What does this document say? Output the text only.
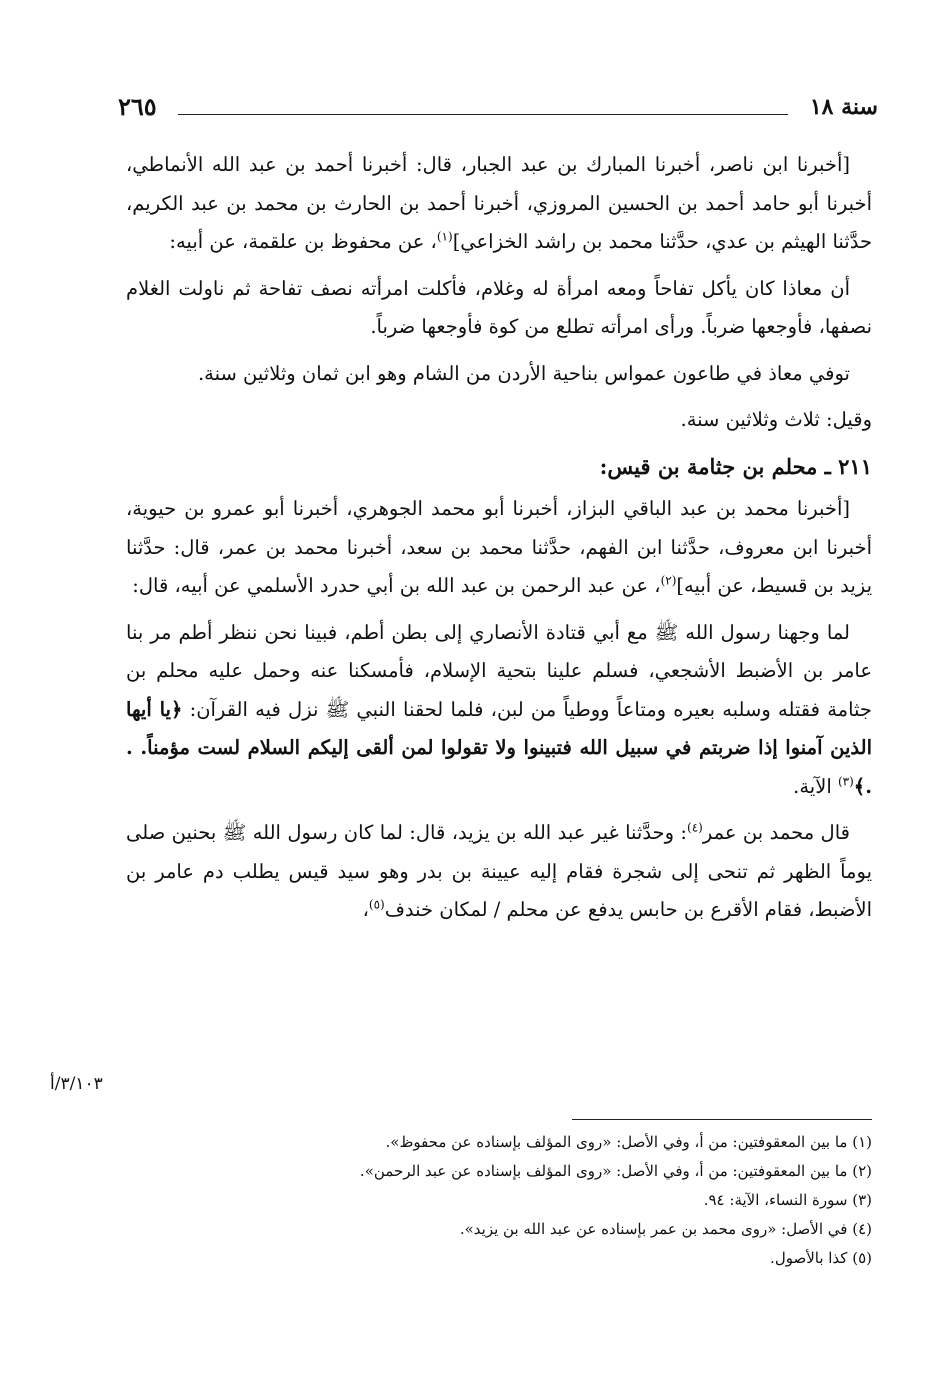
٢٦٥	سنة ١٨

[أخبرنا ابن ناصر، أخبرنا المبارك بن عبد الجبار، قال: أخبرنا أحمد بن عبد الله الأنماطي، أخبرنا أبو حامد أحمد بن الحسين المروزي، أخبرنا أحمد بن الحارث بن محمد بن عبد الكريم، حدَّثنا الهيثم بن عدي، حدَّثنا محمد بن راشد الخزاعي]$^{(١)}$، عن محفوظ بن علقمة، عن أبيه:

أن معاذا كان يأكل تفاحاً ومعه امرأة له وغلام، فأكلت امرأته نصف تفاحة ثم ناولت الغلام نصفها، فأوجعها ضرباً. ورأى امرأته تطلع من كوة فأوجعها ضرباً.

توفي معاذ في طاعون عمواس بناحية الأردن من الشام وهو ابن ثمان وثلاثين سنة.

وقيل: ثلاث وثلاثين سنة.

٢١١ ـ محلم بن جثامة بن قيس:

[أخبرنا محمد بن عبد الباقي البزاز، أخبرنا أبو محمد الجوهري، أخبرنا أبو عمرو بن حيوية، أخبرنا ابن معروف، حدَّثنا ابن الفهم، حدَّثنا محمد بن سعد، أخبرنا محمد بن عمر، قال: حدَّثنا يزيد بن قسيط، عن أبيه]$^{(٢)}$، عن عبد الرحمن بن عبد الله بن أبي حدرد الأسلمي عن أبيه، قال:

لما وجهنا رسول الله ﷺ مع أبي قتادة الأنصاري إلى بطن أطم، فبينا نحن ننظر أطم مر بنا عامر بن الأضبط الأشجعي، فسلم علينا بتحية الإسلام، فأمسكنا عنه وحمل عليه محلم بن جثامة فقتله وسلبه بعيره ومتاعاً ووطياً من لبن، فلما لحقنا النبي ﷺ نزل فيه القرآن: ﴿يا أيها الذين آمنوا إذا ضربتم في سبيل الله فتبينوا ولا تقولوا لمن ألقى إليكم السلام لست مؤمناً. . .﴾$^{(٣)}$ الآية.

قال محمد بن عمر$^{(٤)}$: وحدَّثنا غير عبد الله بن يزيد، قال: لما كان رسول الله ﷺ بحنين صلى يوماً الظهر ثم تنحى إلى شجرة فقام إليه عيينة بن بدر وهو سيد قيس يطلب دم عامر بن الأضبط، فقام الأقرع بن حابس يدفع عن محلم / لمكان خندف$^{(٥)}$،

٣/١٠٣/أ
(١) ما بين المعقوفتين: من أ، وفي الأصل: «روى المؤلف بإسناده عن محفوظ».
(٢) ما بين المعقوفتين: من أ، وفي الأصل: «روى المؤلف بإسناده عن عبد الرحمن».
(٣) سورة النساء، الآية: ٩٤.
(٤) في الأصل: «روى محمد بن عمر بإسناده عن عبد الله بن يزيد».
(٥) كذا بالأصول.
